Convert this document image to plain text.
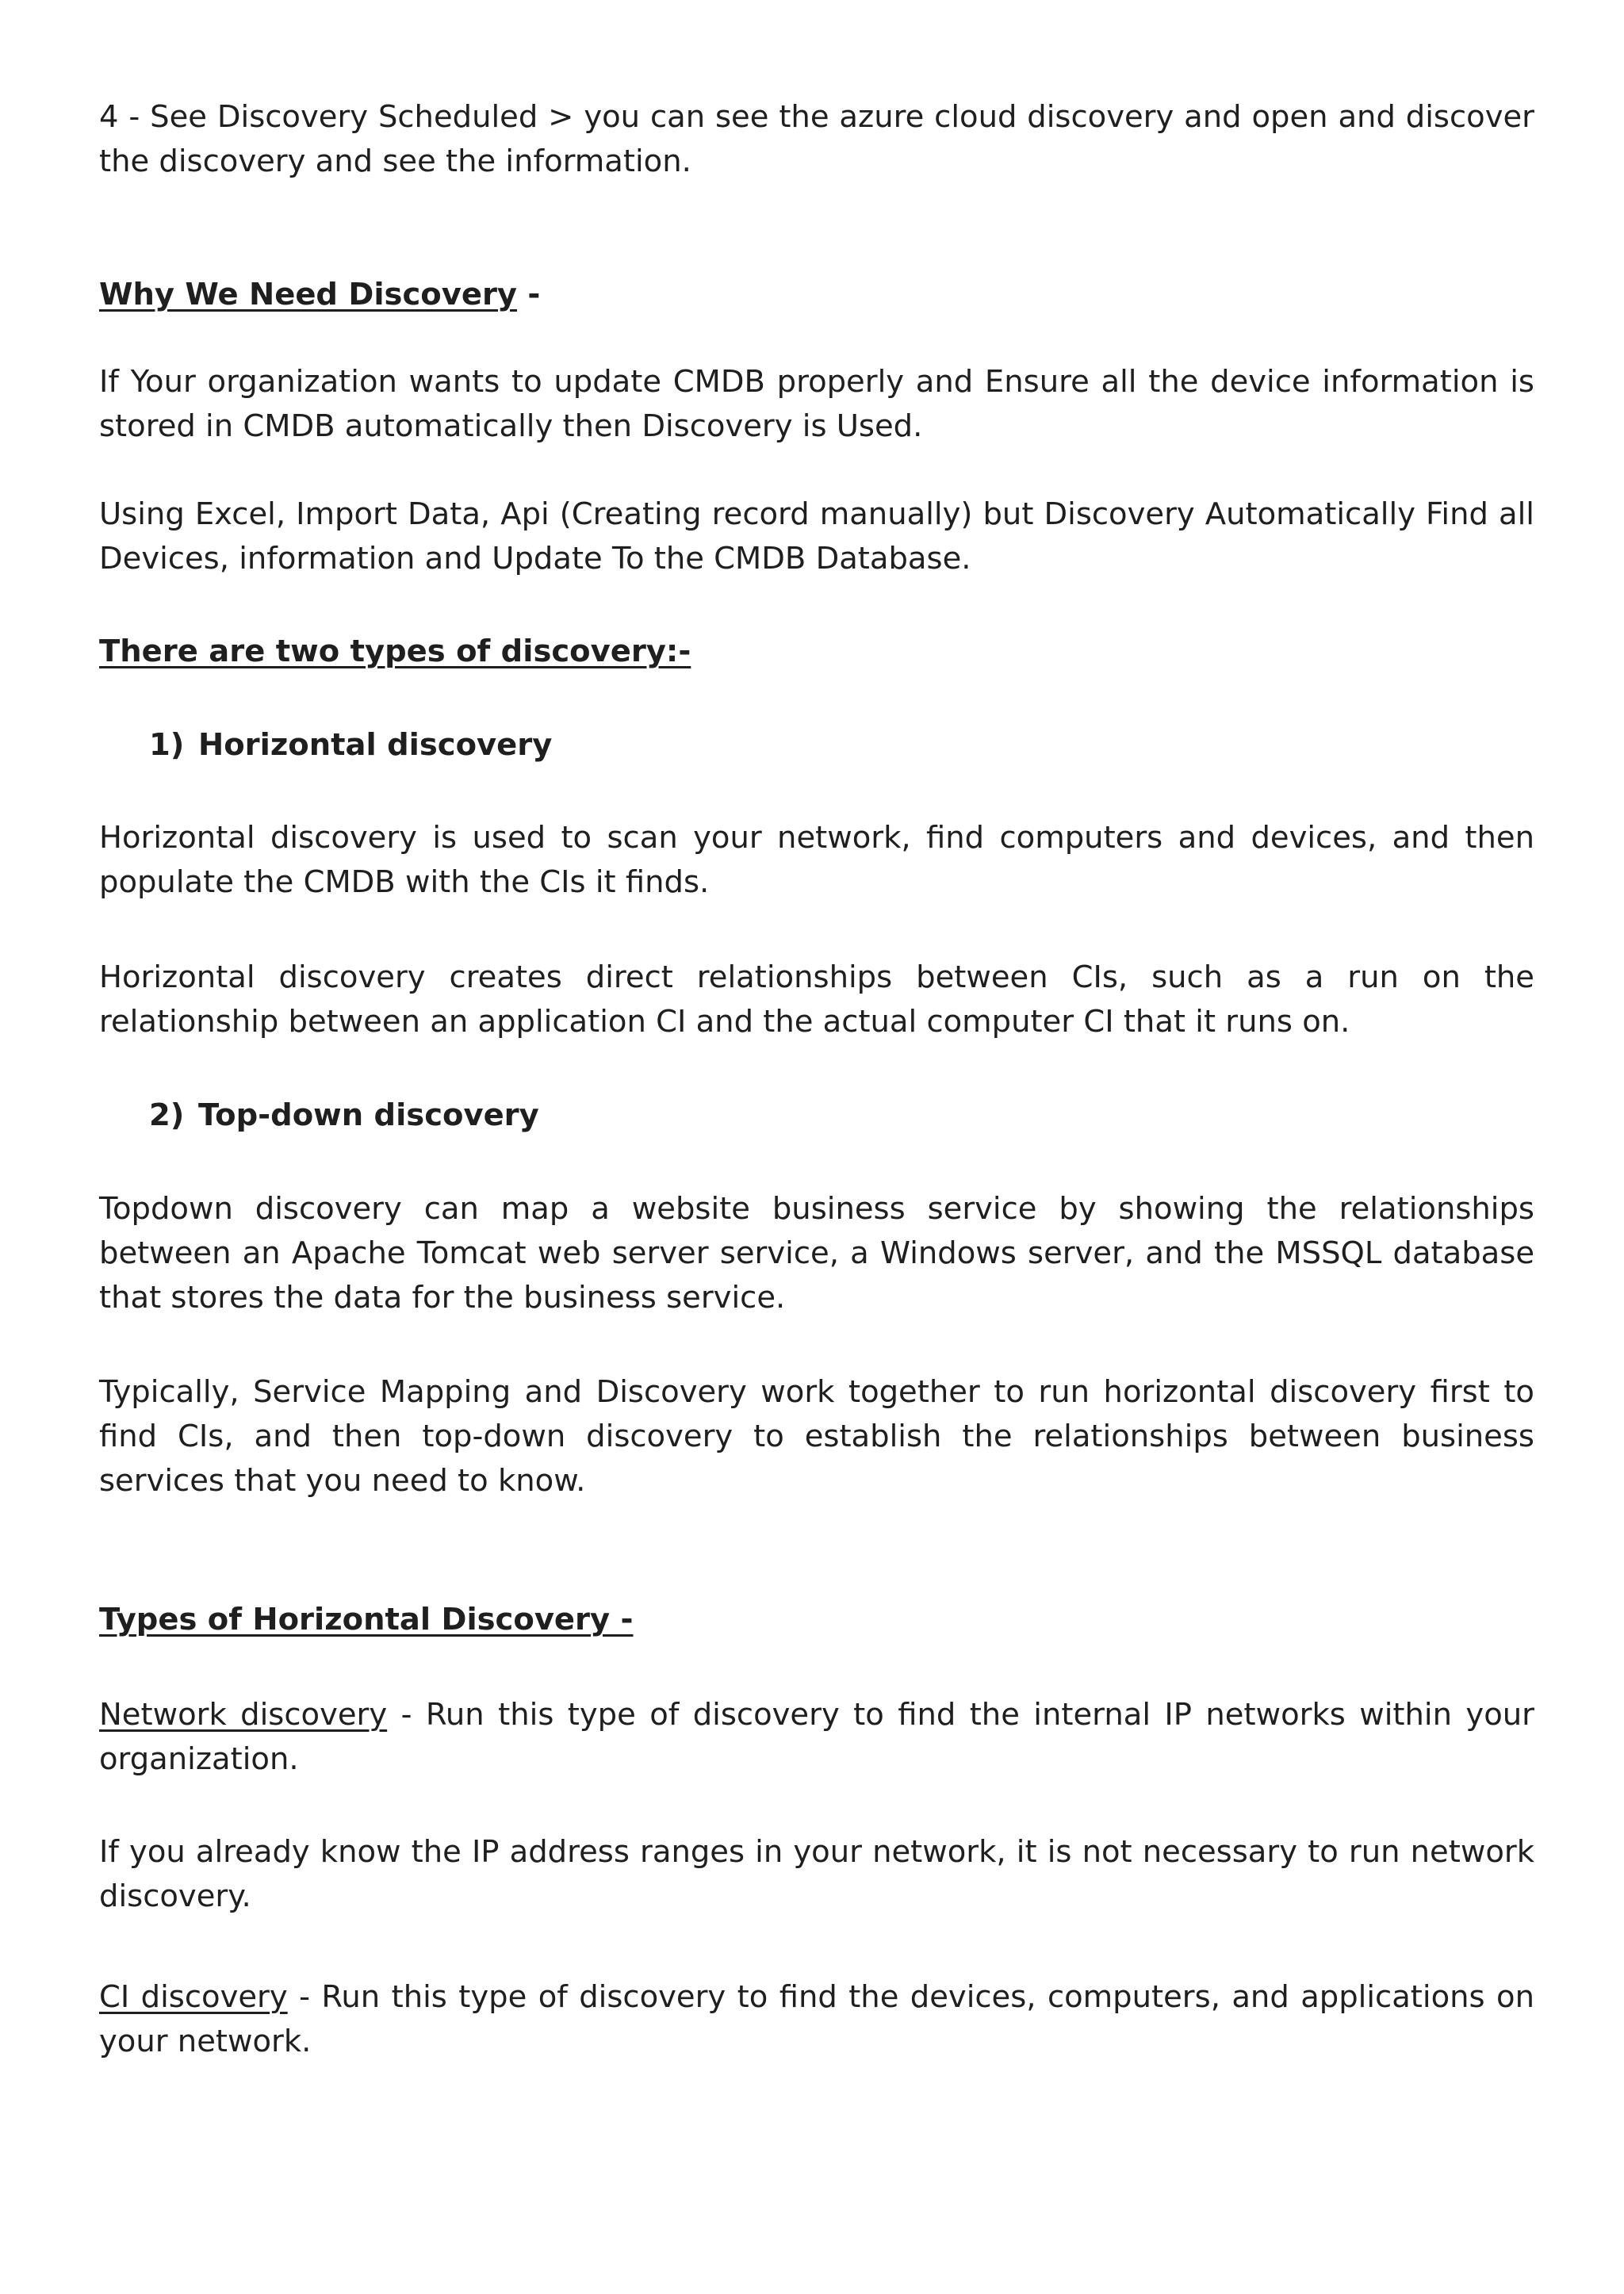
4 - See Discovery Scheduled > you can see the azure cloud discovery and open and discover the discovery and see the information.

Why We Need Discovery -

If Your organization wants to update CMDB properly and Ensure all the device information is stored in CMDB automatically then Discovery is Used.

Using Excel, Import Data, Api (Creating record manually) but Discovery Automatically Find all Devices, information and Update To the CMDB Database.

There are two types of discovery:-

1) Horizontal discovery

Horizontal discovery is used to scan your network, find computers and devices, and then populate the CMDB with the CIs it finds.

Horizontal discovery creates direct relationships between CIs, such as a run on the relationship between an application CI and the actual computer CI that it runs on.

2) Top-down discovery

Topdown discovery can map a website business service by showing the relationships between an Apache Tomcat web server service, a Windows server, and the MSSQL database that stores the data for the business service.

Typically, Service Mapping and Discovery work together to run horizontal discovery first to find CIs, and then top-down discovery to establish the relationships between business services that you need to know.

Types of Horizontal Discovery -

Network discovery - Run this type of discovery to find the internal IP networks within your organization.

If you already know the IP address ranges in your network, it is not necessary to run network discovery.

CI discovery - Run this type of discovery to find the devices, computers, and applications on your network.
